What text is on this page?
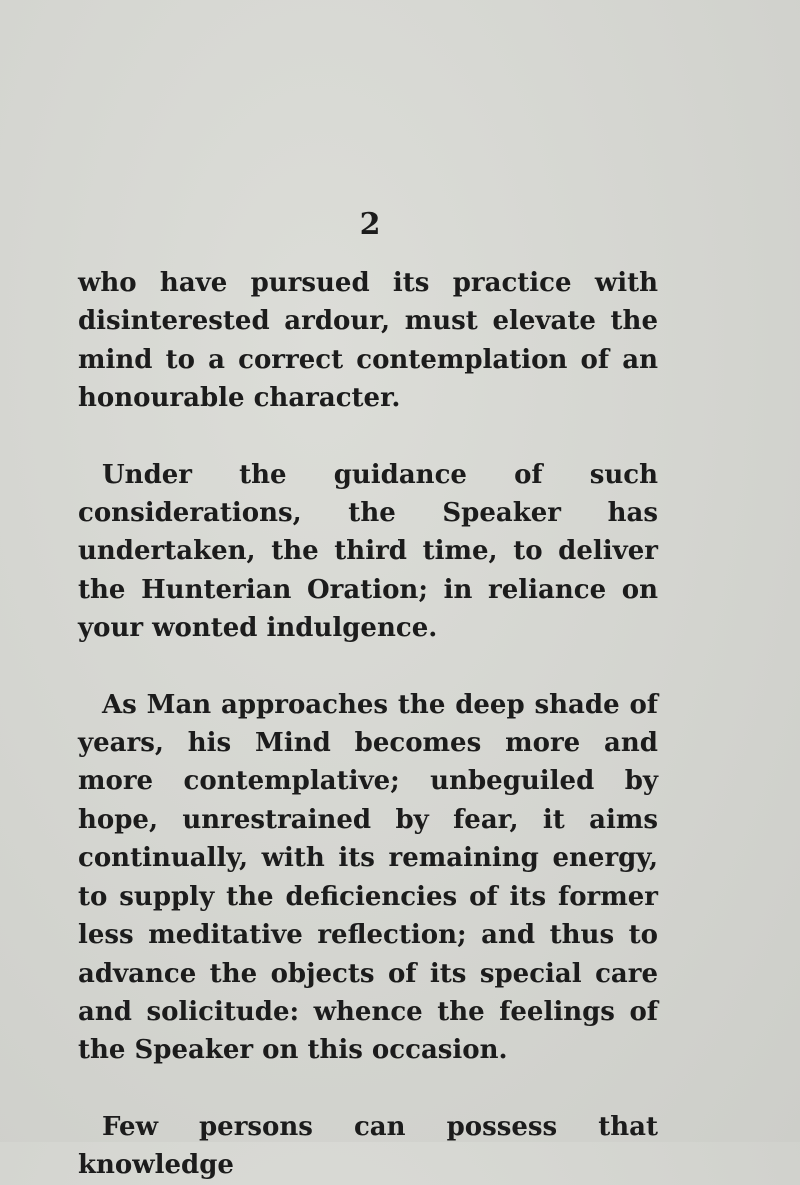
2

who have pursued its practice with disinterested ardour, must elevate the mind to a correct contemplation of an honourable character.

Under the guidance of such considerations, the Speaker has undertaken, the third time, to deliver the Hunterian Oration; in reliance on your wonted indulgence.

As Man approaches the deep shade of years, his Mind becomes more and more contemplative; unbeguiled by hope, unrestrained by fear, it aims continually, with its remaining energy, to supply the deficiencies of its former less meditative reflection; and thus to advance the objects of its special care and solicitude: whence the feelings of the Speaker on this occasion.

Few persons can possess that knowledge
